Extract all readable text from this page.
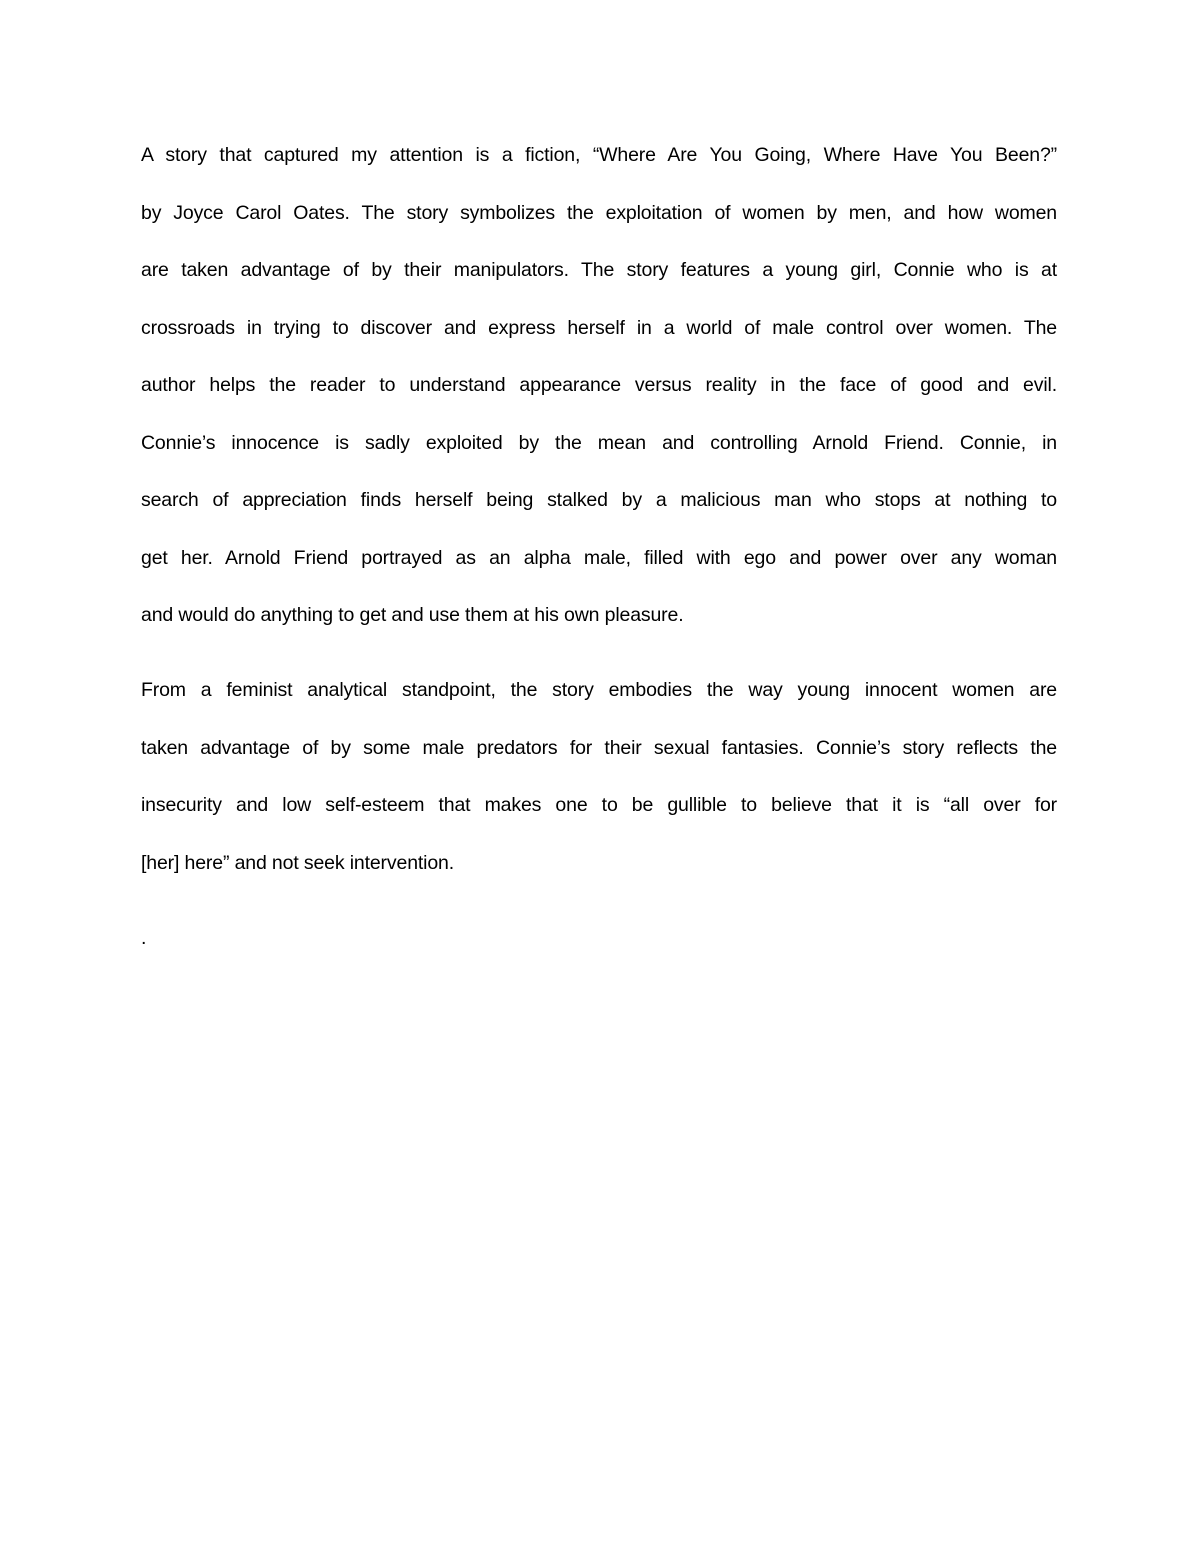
A story that captured my attention is a fiction, “Where Are You Going, Where Have You Been?”
by Joyce Carol Oates. The story symbolizes the exploitation of women by men, and how women
are taken advantage of by their manipulators. The story features a young girl, Connie who is at
crossroads in trying to discover and express herself in a world of male control over women. The
author helps the reader to understand appearance versus reality in the face of good and evil.
Connie’s innocence is sadly exploited by the mean and controlling Arnold Friend. Connie, in
search of appreciation finds herself being stalked by a malicious man who stops at nothing to
get her. Arnold Friend portrayed as an alpha male, filled with ego and power over any woman
and would do anything to get and use them at his own pleasure.
From a feminist analytical standpoint, the story embodies the way young innocent women are
taken advantage of by some male predators for their sexual fantasies. Connie’s story reflects the
insecurity and low self-esteem that makes one to be gullible to believe that it is “all over for
[her] here” and not seek intervention.
.
